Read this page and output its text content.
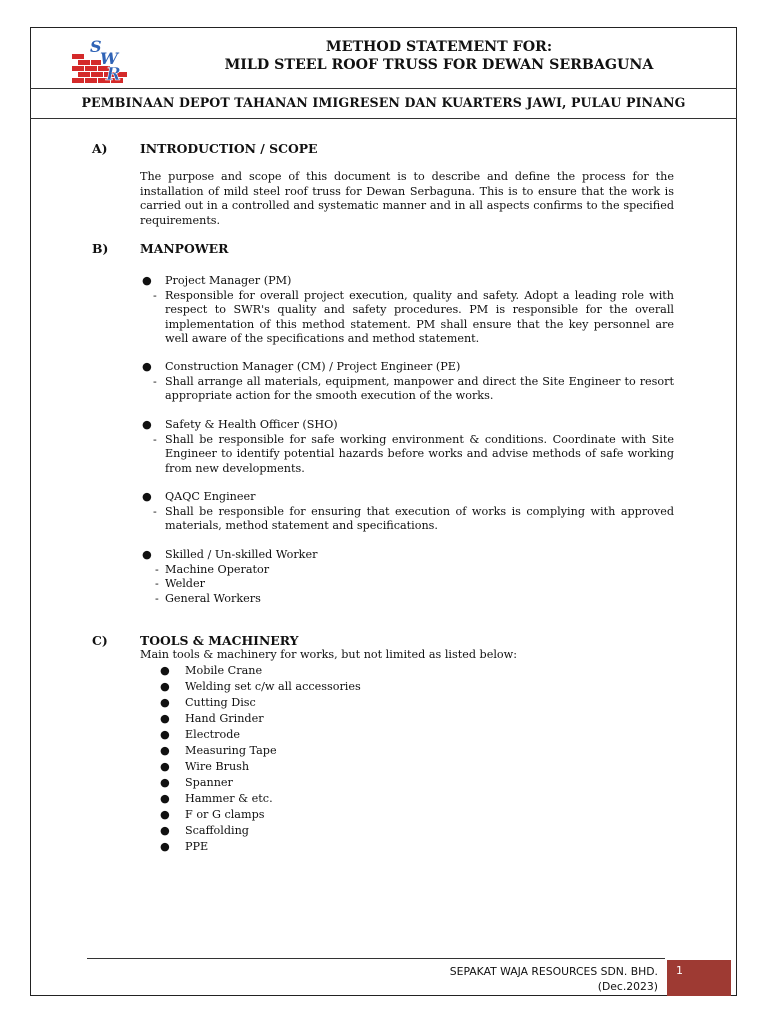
S
W
R
METHOD STATEMENT FOR:
MILD STEEL ROOF TRUSS FOR DEWAN SERBAGUNA
PEMBINAAN DEPOT TAHANAN IMIGRESEN DAN KUARTERS JAWI, PULAU PINANG
A)	INTRODUCTION / SCOPE
The purpose and scope of this document is to describe and define the process for the installation of mild steel roof truss for Dewan Serbaguna. This is to ensure that the work is carried out in a controlled and systematic manner and in all aspects confirms to the specified requirements.
B)	MANPOWER
● Project Manager (PM)
- Responsible for overall project execution, quality and safety. Adopt a leading role with respect to SWR's quality and safety procedures. PM is responsible for the overall implementation of this method statement. PM shall ensure that the key personnel are well aware of the specifications and method statement.
● Construction Manager (CM) / Project Engineer (PE)
- Shall arrange all materials, equipment, manpower and direct the Site Engineer to resort appropriate action for the smooth execution of the works.
● Safety & Health Officer (SHO)
- Shall be responsible for safe working environment & conditions. Coordinate with Site Engineer to identify potential hazards before works and advise methods of safe working from new developments.
● QAQC Engineer
- Shall be responsible for ensuring that execution of works is complying with approved materials, method statement and specifications.
● Skilled / Un-skilled Worker
- Machine Operator
- Welder
- General Workers
C)	TOOLS & MACHINERY
Main tools & machinery for works, but not limited as listed below:
● Mobile Crane
● Welding set c/w all accessories
● Cutting Disc
● Hand Grinder
● Electrode
● Measuring Tape
● Wire Brush
● Spanner
● Hammer & etc.
● F or G clamps
● Scaffolding
● PPE
SEPAKAT WAJA RESOURCES SDN. BHD.
(Dec.2023)
1
